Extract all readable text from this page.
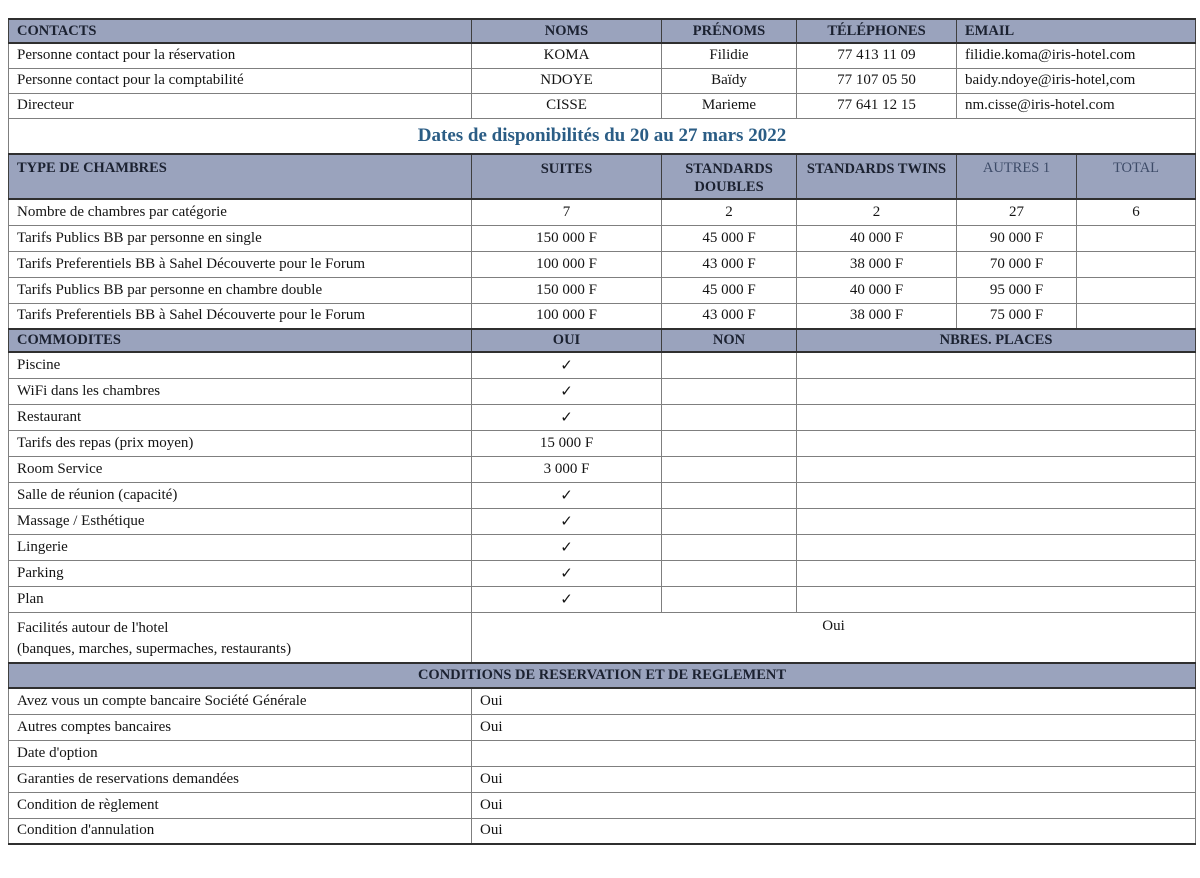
CONTACTS	NOMS	PRÉNOMS	TÉLÉPHONES	EMAIL	
Personne contact pour la réservation	KOMA	Filidie	77 413 11 09	filidie.koma@iris-hotel.com	
Personne contact pour la comptabilité	NDOYE	Baïdy	77 107 05 50	baidy.ndoye@iris-hotel,com	
Directeur	CISSE	Marieme	77 641 12 15	nm.cisse@iris-hotel.com	
Dates de disponibilités du 20 au 27 mars 2022					
TYPE DE CHAMBRES	SUITES	STANDARDS DOUBLES	STANDARDS TWINS	AUTRES 1	TOTAL
Nombre de chambres par catégorie	7	2	2	27	6
Tarifs Publics BB par personne en single	150 000 F	45 000 F	40 000 F	90 000 F	
Tarifs Preferentiels BB à Sahel Découverte pour le Forum	100 000 F	43 000 F	38 000 F	70 000 F	
Tarifs Publics BB par personne en chambre double	150 000 F	45 000 F	40 000 F	95 000 F	
Tarifs Preferentiels BB à Sahel Découverte pour le Forum	100 000 F	43 000 F	38 000 F	75 000 F	
COMMODITES	OUI	NON	NBRES. PLACES		
Piscine	✓				
WiFi dans les chambres	✓				
Restaurant	✓				
Tarifs des repas (prix moyen)	15 000 F				
Room Service	3 000 F				
Salle de réunion (capacité)	✓				
Massage / Esthétique	✓				
Lingerie	✓				
Parking	✓				
Plan	✓				

Facilités autour de l'hotel
(banques, marches, supermaches, restaurants)	Oui				
CONDITIONS DE RESERVATION ET DE REGLEMENT					
Avez vous un compte bancaire Société Générale	Oui				
Autres comptes bancaires	Oui				
Date d'option					
Garanties de reservations demandées	Oui				
Condition de règlement	Oui				
Condition d'annulation	Oui				
